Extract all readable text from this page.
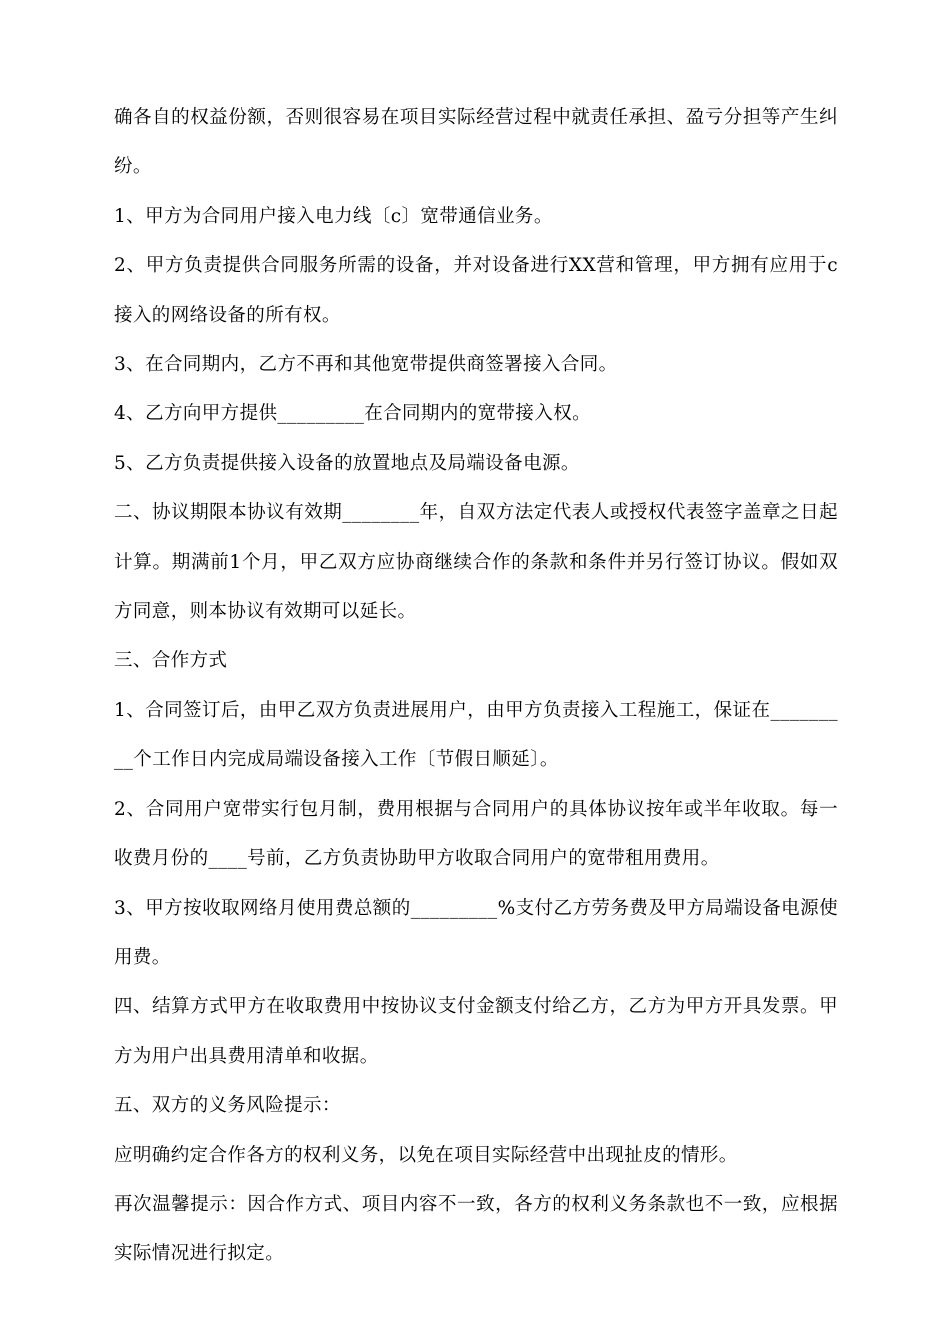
确各自的权益份额，否则很容易在项目实际经营过程中就责任承担、盈亏分担等产生纠纷。

1、甲方为合同用户接入电力线〔c〕宽带通信业务。

2、甲方负责提供合同服务所需的设备，并对设备进行XX营和管理，甲方拥有应用于c接入的网络设备的所有权。

3、在合同期内，乙方不再和其他宽带提供商签署接入合同。

4、乙方向甲方提供_________在合同期内的宽带接入权。

5、乙方负责提供接入设备的放置地点及局端设备电源。

二、协议期限本协议有效期________年，自双方法定代表人或授权代表签字盖章之日起计算。期满前1个月，甲乙双方应协商继续合作的条款和条件并另行签订协议。假如双方同意，则本协议有效期可以延长。

三、合作方式

1、合同签订后，由甲乙双方负责进展用户，由甲方负责接入工程施工，保证在_________个工作日内完成局端设备接入工作〔节假日顺延〕。

2、合同用户宽带实行包月制，费用根据与合同用户的具体协议按年或半年收取。每一收费月份的____号前，乙方负责协助甲方收取合同用户的宽带租用费用。

3、甲方按收取网络月使用费总额的_________%支付乙方劳务费及甲方局端设备电源使用费。

四、结算方式甲方在收取费用中按协议支付金额支付给乙方，乙方为甲方开具发票。甲方为用户出具费用清单和收据。

五、双方的义务风险提示：

应明确约定合作各方的权利义务，以免在项目实际经营中出现扯皮的情形。

再次温馨提示：因合作方式、项目内容不一致，各方的权利义务条款也不一致，应根据实际情况进行拟定。
